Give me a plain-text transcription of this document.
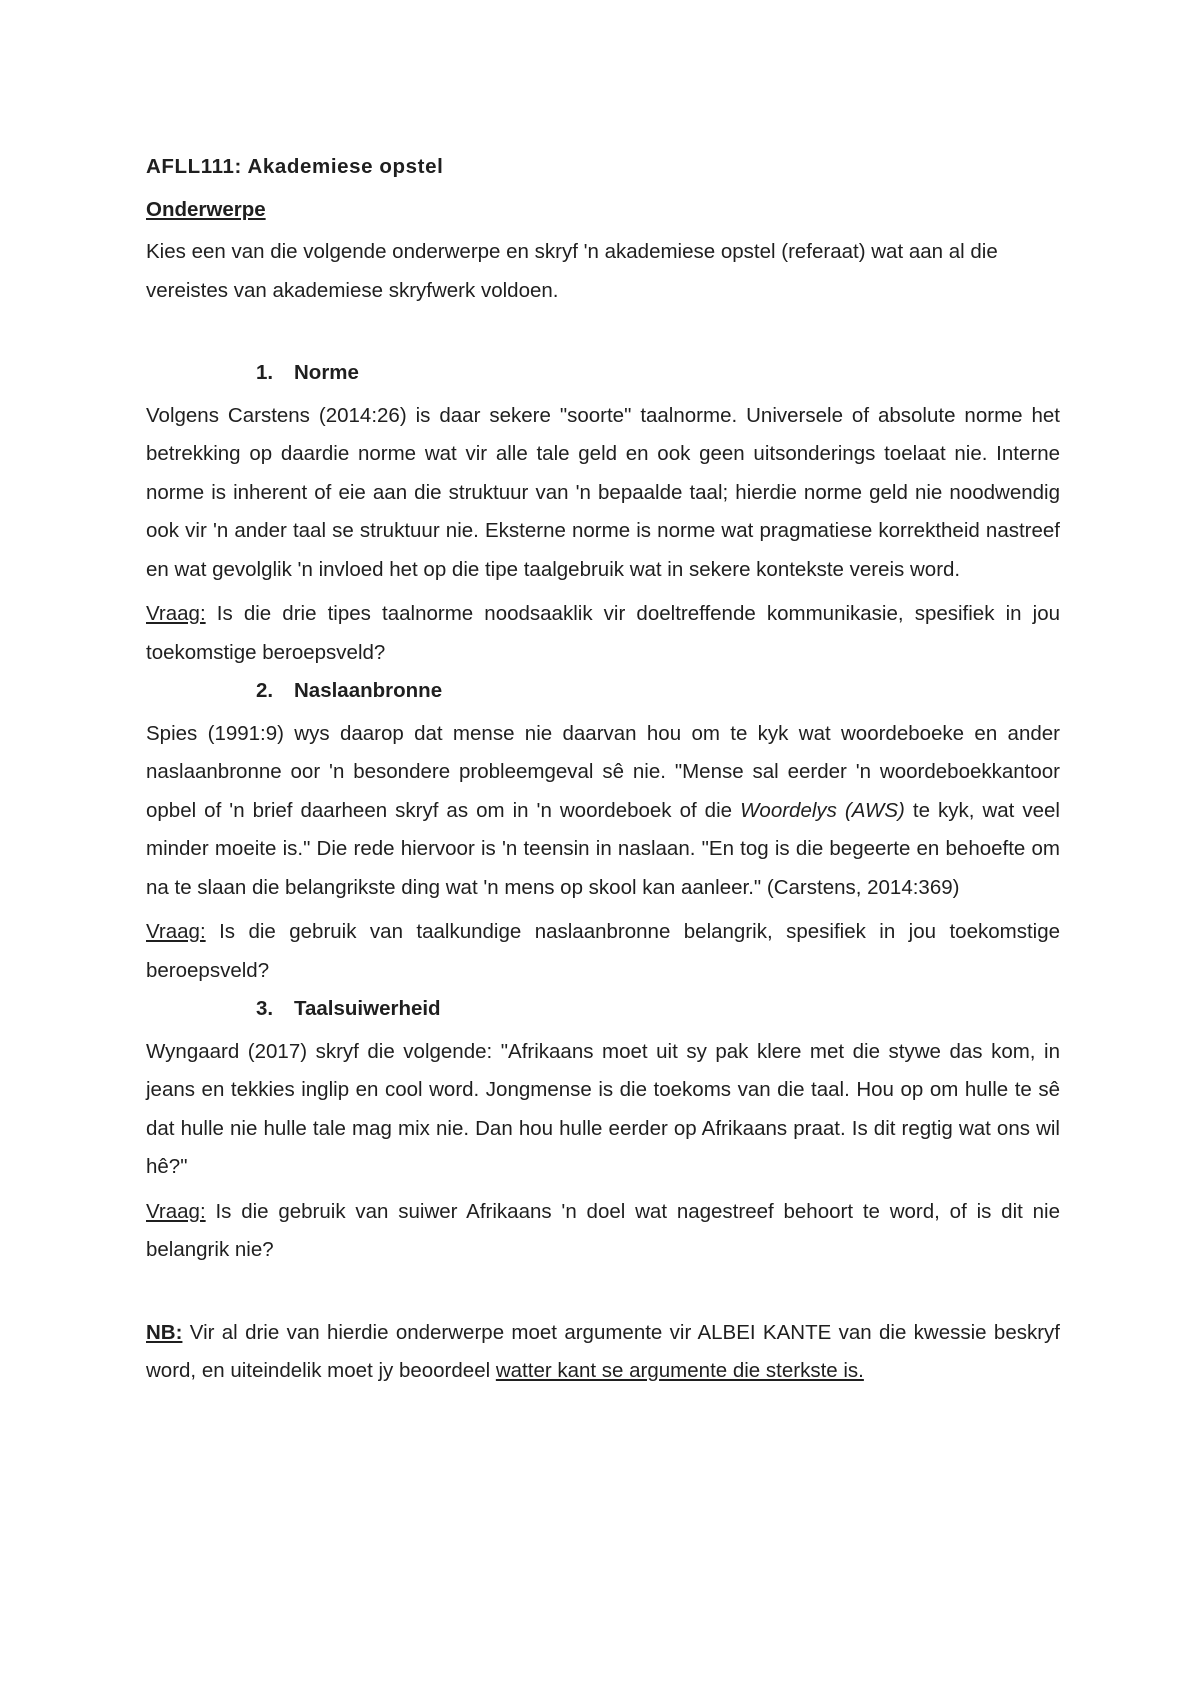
AFLL111: Akademiese opstel

Onderwerpe

Kies een van die volgende onderwerpe en skryf 'n akademiese opstel (referaat) wat aan al die vereistes van akademiese skryfwerk voldoen.

1. Norme

Volgens Carstens (2014:26) is daar sekere "soorte" taalnorme. Universele of absolute norme het betrekking op daardie norme wat vir alle tale geld en ook geen uitsonderings toelaat nie. Interne norme is inherent of eie aan die struktuur van 'n bepaalde taal; hierdie norme geld nie noodwendig ook vir 'n ander taal se struktuur nie. Eksterne norme is norme wat pragmatiese korrektheid nastreef en wat gevolglik 'n invloed het op die tipe taalgebruik wat in sekere kontekste vereis word.

Vraag: Is die drie tipes taalnorme noodsaaklik vir doeltreffende kommunikasie, spesifiek in jou toekomstige beroepsveld?

2. Naslaanbronne

Spies (1991:9) wys daarop dat mense nie daarvan hou om te kyk wat woordeboeke en ander naslaanbronne oor 'n besondere probleemgeval sê nie. "Mense sal eerder 'n woordeboekkantoor opbel of 'n brief daarheen skryf as om in 'n woordeboek of die Woordelys (AWS) te kyk, wat veel minder moeite is." Die rede hiervoor is 'n teensin in naslaan. "En tog is die begeerte en behoefte om na te slaan die belangrikste ding wat 'n mens op skool kan aanleer." (Carstens, 2014:369)

Vraag: Is die gebruik van taalkundige naslaanbronne belangrik, spesifiek in jou toekomstige beroepsveld?

3. Taalsuiwerheid

Wyngaard (2017) skryf die volgende: "Afrikaans moet uit sy pak klere met die stywe das kom, in jeans en tekkies inglip en cool word. Jongmense is die toekoms van die taal. Hou op om hulle te sê dat hulle nie hulle tale mag mix nie. Dan hou hulle eerder op Afrikaans praat. Is dit regtig wat ons wil hê?"

Vraag: Is die gebruik van suiwer Afrikaans 'n doel wat nagestreef behoort te word, of is dit nie belangrik nie?

NB: Vir al drie van hierdie onderwerpe moet argumente vir ALBEI KANTE van die kwessie beskryf word, en uiteindelik moet jy beoordeel watter kant se argumente die sterkste is.
